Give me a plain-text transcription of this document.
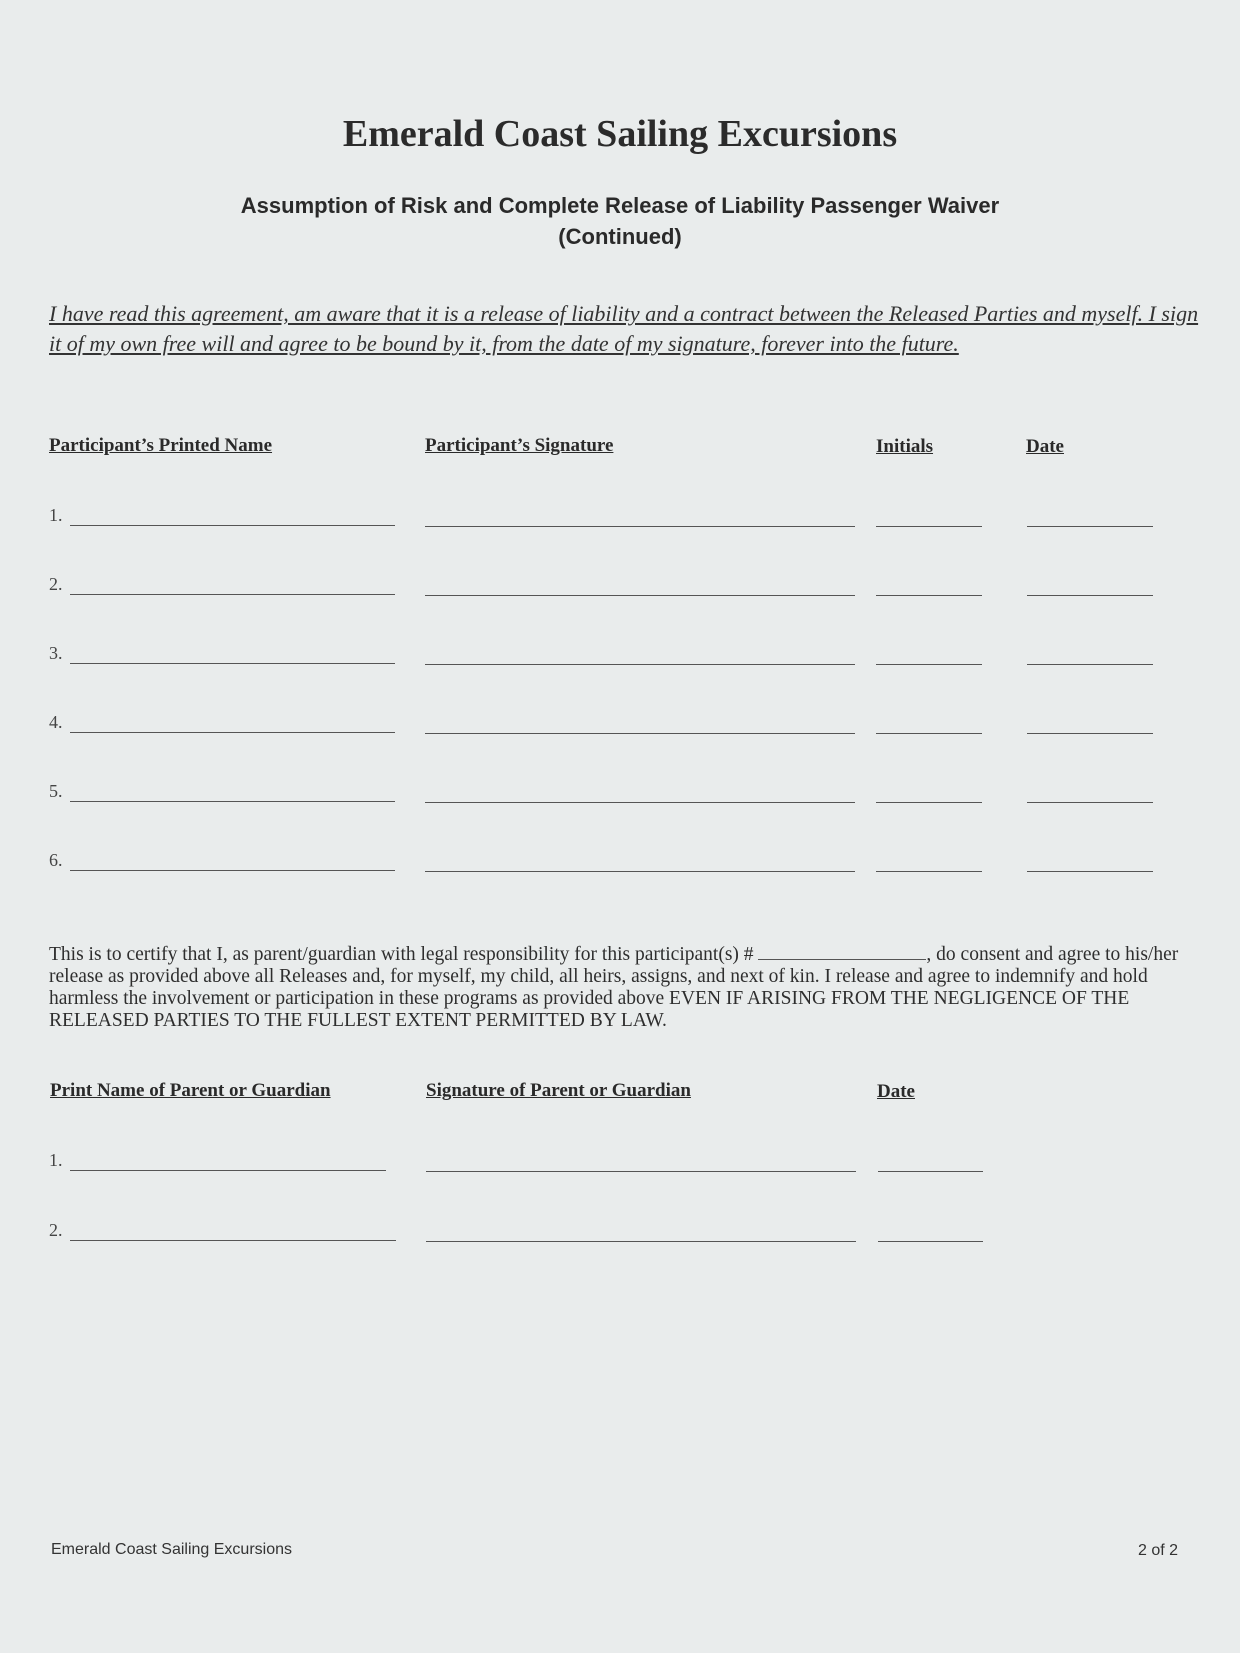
Emerald Coast Sailing Excursions
Assumption of Risk and Complete Release of Liability Passenger Waiver
(Continued)
I have read this agreement, am aware that it is a release of liability and a contract between the Released Parties and myself. I sign it of my own free will and agree to be bound by it, from the date of my signature, forever into the future.
Participant’s Printed Name	Participant’s Signature	Initials	Date
1.
2.
3.
4.
5.
6.
This is to certify that I, as parent/guardian with legal responsibility for this participant(s) #	, do consent and agree to his/her release as provided above all Releases and, for myself, my child, all heirs, assigns, and next of kin. I release and agree to indemnify and hold harmless the involvement or participation in these programs as provided above EVEN IF ARISING FROM THE NEGLIGENCE OF THE RELEASED PARTIES TO THE FULLEST EXTENT PERMITTED BY LAW.
Print Name of Parent or Guardian	Signature of Parent or Guardian	Date
1.
2.
Emerald Coast Sailing Excursions	2 of 2
